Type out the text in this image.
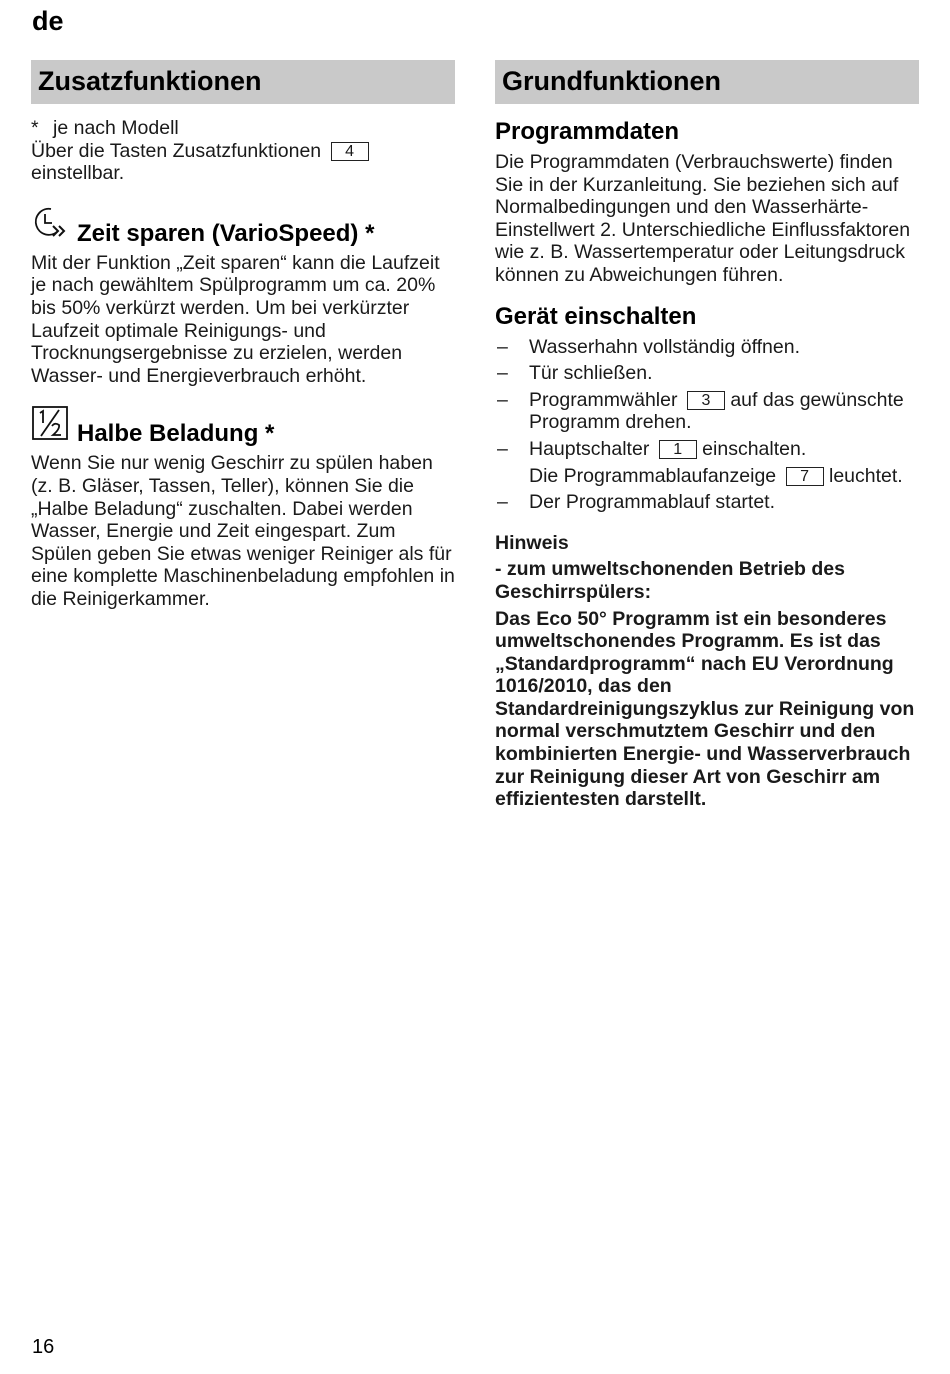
de
Zusatzfunktionen
* je nach Modell

Über die Tasten Zusatzfunktionen 4 einstellbar.

Zeit sparen (VarioSpeed) *

Mit der Funktion „Zeit sparen“ kann die Laufzeit je nach gewähltem Spülprogramm um ca. 20% bis 50% verkürzt werden. Um bei verkürzter Laufzeit optimale Reinigungs- und Trocknungsergebnisse zu erzielen, werden Wasser- und Energieverbrauch erhöht.

Halbe Beladung *

Wenn Sie nur wenig Geschirr zu spülen haben (z. B. Gläser, Tassen, Teller), können Sie die „Halbe Beladung“ zuschalten. Dabei werden Wasser, Energie und Zeit eingespart. Zum Spülen geben Sie etwas weniger Reiniger als für eine komplette Maschinenbeladung empfohlen in die Reinigerkammer.

Grundfunktionen
Programmdaten

Die Programmdaten (Verbrauchswerte) finden Sie in der Kurzanleitung. Sie beziehen sich auf Normalbedingungen und den Wasserhärte-Einstellwert 2. Unterschiedliche Einflussfaktoren wie z. B. Wassertemperatur oder Leitungsdruck können zu Abweichungen führen.

Gerät einschalten
– Wasserhahn vollständig öffnen.
– Tür schließen.
– Programmwähler 3 auf das gewünschte Programm drehen.
– Hauptschalter 1 einschalten.
Die Programmablaufanzeige 7 leuchtet.
– Der Programmablauf startet.

Hinweis

- zum umweltschonenden Betrieb des Geschirrspülers:

Das Eco 50° Programm ist ein besonderes umweltschonendes Programm. Es ist das „Standardprogramm“ nach EU Verordnung 1016/2010, das den Standardreinigungszyklus zur Reinigung von normal verschmutztem Geschirr und den kombinierten Energie- und Wasserverbrauch zur Reinigung dieser Art von Geschirr am effizientesten darstellt.

16
